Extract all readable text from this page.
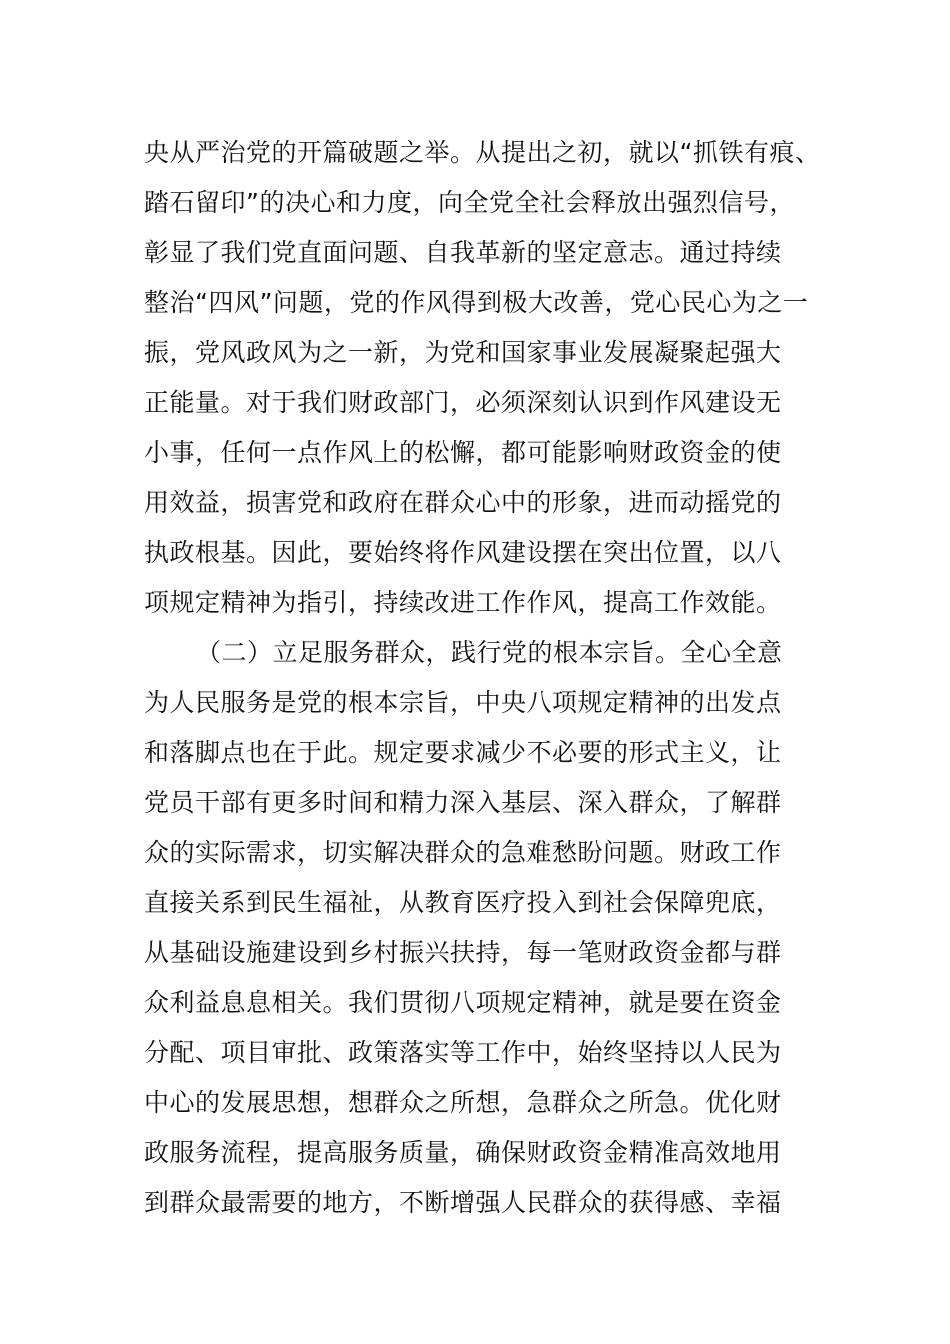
央从严治党的开篇破题之举。从提出之初，就以“抓铁有痕、
踏石留印”的决心和力度，向全党全社会释放出强烈信号，
彰显了我们党直面问题、自我革新的坚定意志。通过持续
整治“四风”问题，党的作风得到极大改善，党心民心为之一
振，党风政风为之一新，为党和国家事业发展凝聚起强大
正能量。对于我们财政部门，必须深刻认识到作风建设无
小事，任何一点作风上的松懈，都可能影响财政资金的使
用效益，损害党和政府在群众心中的形象，进而动摇党的
执政根基。因此，要始终将作风建设摆在突出位置，以八
项规定精神为指引，持续改进工作作风，提高工作效能。
（二）立足服务群众，践行党的根本宗旨。全心全意
为人民服务是党的根本宗旨，中央八项规定精神的出发点
和落脚点也在于此。规定要求减少不必要的形式主义，让
党员干部有更多时间和精力深入基层、深入群众，了解群
众的实际需求，切实解决群众的急难愁盼问题。财政工作
直接关系到民生福祉，从教育医疗投入到社会保障兜底，
从基础设施建设到乡村振兴扶持，每一笔财政资金都与群
众利益息息相关。我们贯彻八项规定精神，就是要在资金
分配、项目审批、政策落实等工作中，始终坚持以人民为
中心的发展思想，想群众之所想，急群众之所急。优化财
政服务流程，提高服务质量，确保财政资金精准高效地用
到群众最需要的地方，不断增强人民群众的获得感、幸福
